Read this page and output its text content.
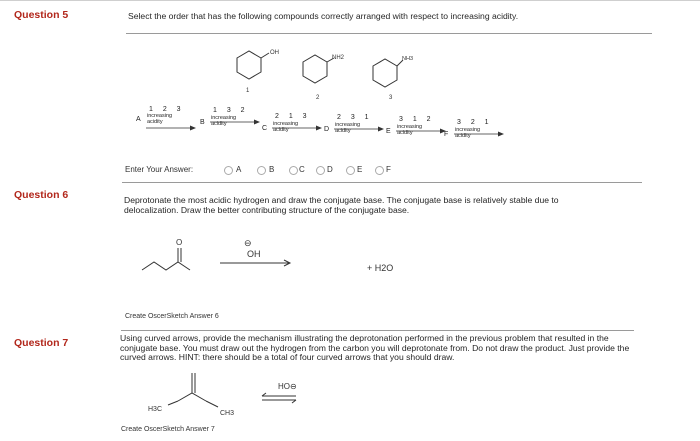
Question 5	Select the order that has the following compounds correctly arranged with respect to increasing acidity.
OH
1
NH2
2
NH3
3
1 2 3
A increasing acidity
1 3 2
B
increasing acidity
2 1 3
C
increasing acidity
2 3 1
D
increasing acidity
3 1 2
E
increasing acidity
3 2 1
F
increasing acidity
Enter Your Answer:	A	B	C	D	E	F
Question 6	Deprotonate the most acidic hydrogen and draw the conjugate base. The conjugate base is relatively stable due to delocalization. Draw the better contributing structure of the conjugate base.
O	⊖
OH
+ H2O
Create OscerSketch Answer 6
Question 7	Using curved arrows, provide the mechanism illustrating the deprotonation performed in the previous problem that resulted in the conjugate base. You must draw out the hydrogen from the carbon you will deprotonate from. Do not draw the product. Just provide the curved arrows. HINT: there should be a total of four curved arrows that you should draw.
H3C
CH3
HO⊖
Create OscerSketch Answer 7
